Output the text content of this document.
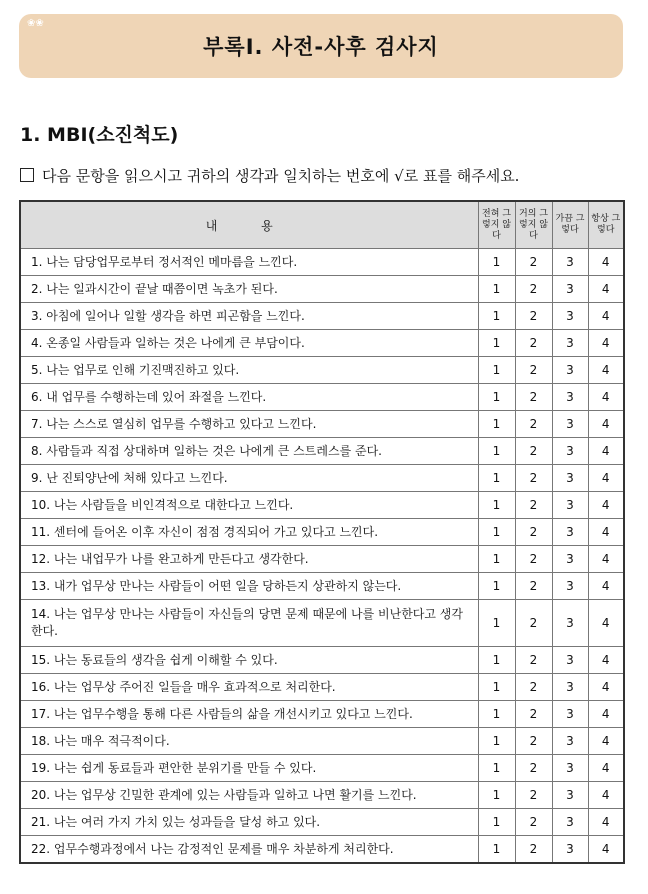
❀❀
부록Ⅰ. 사전-사후 검사지
1. MBI(소진척도)
다음 문항을 읽으시고 귀하의 생각과 일치하는 번호에 √로 표를 해주세요.
내 용	전혀 그렇지 않다	거의 그렇지 않다	가끔 그렇다	항상 그렇다
1. 나는 담당업무로부터 정서적인 메마름을 느낀다.	1	2	3	4
2. 나는 일과시간이 끝날 때쯤이면 녹초가 된다.	1	2	3	4
3. 아침에 일어나 일할 생각을 하면 피곤함을 느낀다.	1	2	3	4
4. 온종일 사람들과 일하는 것은 나에게 큰 부담이다.	1	2	3	4
5. 나는 업무로 인해 기진맥진하고 있다.	1	2	3	4
6. 내 업무를 수행하는데 있어 좌절을 느낀다.	1	2	3	4
7. 나는 스스로 열심히 업무를 수행하고 있다고 느낀다.	1	2	3	4
8. 사람들과 직접 상대하며 일하는 것은 나에게 큰 스트레스를 준다.	1	2	3	4
9. 난 진퇴양난에 처해 있다고 느낀다.	1	2	3	4
10. 나는 사람들을 비인격적으로 대한다고 느낀다.	1	2	3	4
11. 센터에 들어온 이후 자신이 점점 경직되어 가고 있다고 느낀다.	1	2	3	4
12. 나는 내업무가 나를 완고하게 만든다고 생각한다.	1	2	3	4
13. 내가 업무상 만나는 사람들이 어떤 일을 당하든지 상관하지 않는다.	1	2	3	4
14. 나는 업무상 만나는 사람들이 자신들의 당면 문제 때문에 나를 비난한다고 생각한다.	1	2	3	4
15. 나는 동료들의 생각을 쉽게 이해할 수 있다.	1	2	3	4
16. 나는 업무상 주어진 일들을 매우 효과적으로 처리한다.	1	2	3	4
17. 나는 업무수행을 통해 다른 사람들의 삶을 개선시키고 있다고 느낀다.	1	2	3	4
18. 나는 매우 적극적이다.	1	2	3	4
19. 나는 쉽게 동료들과 편안한 분위기를 만들 수 있다.	1	2	3	4
20. 나는 업무상 긴밀한 관계에 있는 사람들과 일하고 나면 활기를 느낀다.	1	2	3	4
21. 나는 여러 가지 가치 있는 성과들을 달성 하고 있다.	1	2	3	4
22. 업무수행과정에서 나는 감정적인 문제를 매우 차분하게 처리한다.	1	2	3	4
